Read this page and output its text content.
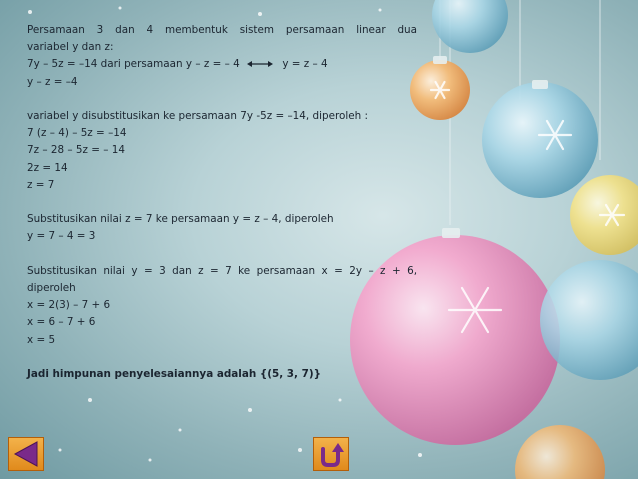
Persamaan 3 dan 4 membentuk sistem persamaan linear dua
variabel y dan z:
7y – 5z = –14 dari persamaan y – z = – 4	y = z – 4
y – z = –4
variabel y disubstitusikan ke persamaan 7y -5z = –14, diperoleh :
7 (z – 4) – 5z = –14
7z – 28 – 5z = – 14
2z = 14
z = 7
Substitusikan nilai z = 7 ke persamaan y = z – 4, diperoleh
y = 7 – 4 = 3
Substitusikan nilai y = 3 dan z = 7 ke persamaan x = 2y – z + 6,
diperoleh
x = 2(3) – 7 + 6
x = 6 – 7 + 6
x = 5
Jadi himpunan penyelesaiannya adalah {(5, 3, 7)}
